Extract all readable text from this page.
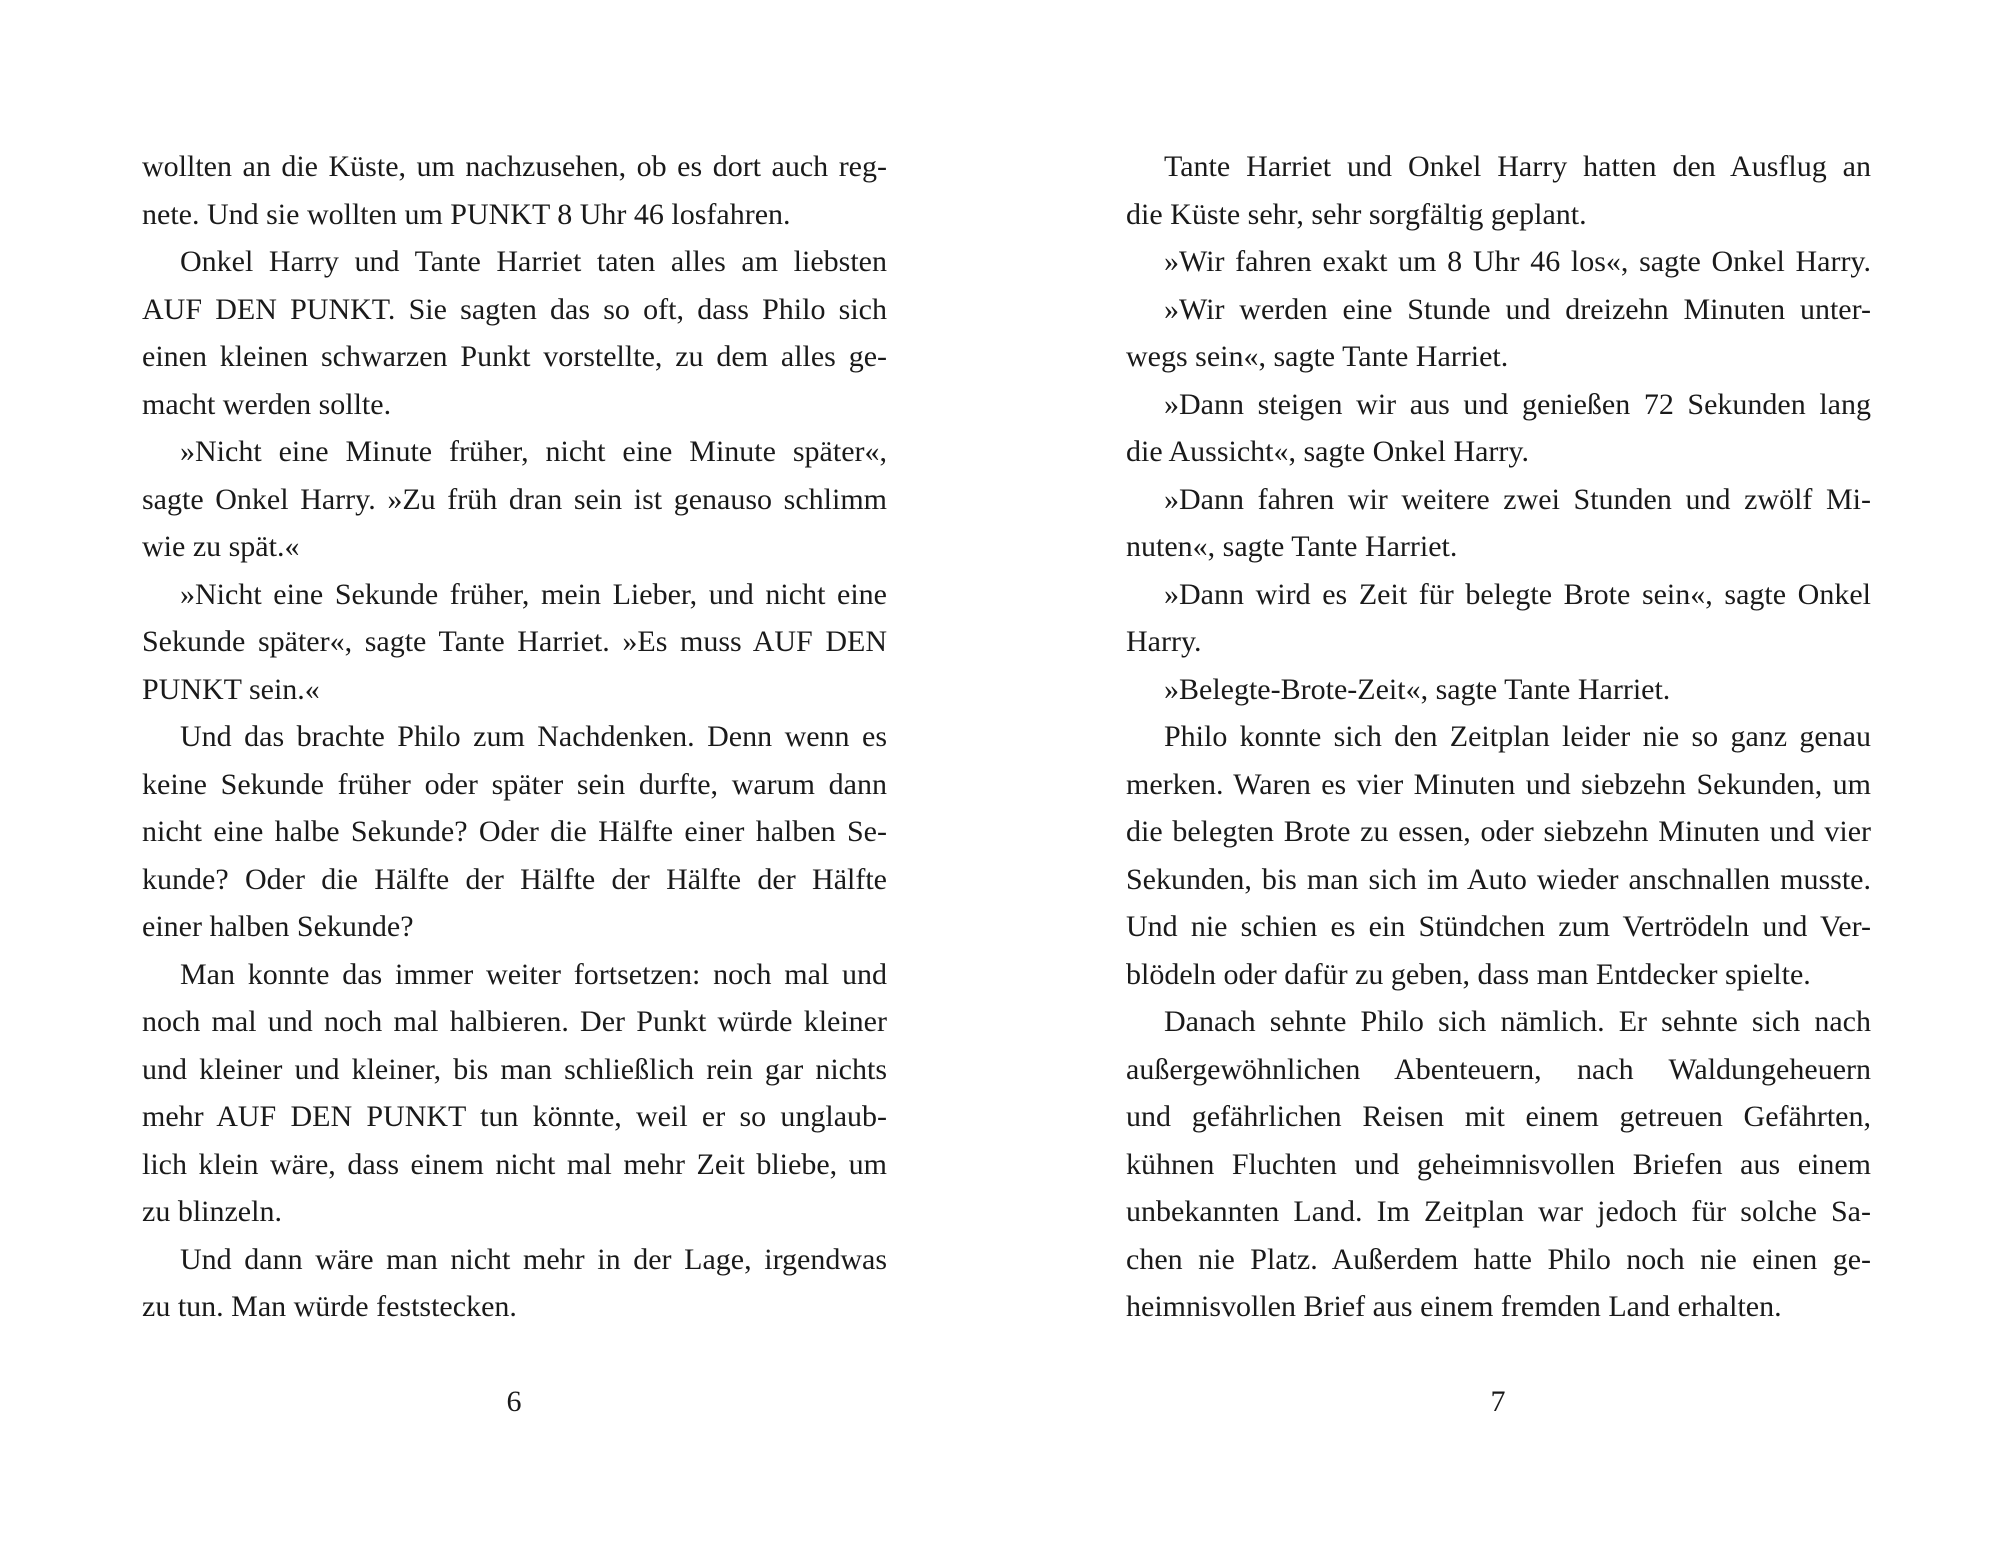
wollten an die Küste, um nachzusehen, ob es dort auch reg-
nete. Und sie wollten um PUNKT 8 Uhr 46 losfahren.
Onkel Harry und Tante Harriet taten alles am liebsten
AUF DEN PUNKT. Sie sagten das so oft, dass Philo sich
einen kleinen schwarzen Punkt vorstellte, zu dem alles ge-
macht werden sollte.
»Nicht eine Minute früher, nicht eine Minute später«,
sagte Onkel Harry. »Zu früh dran sein ist genauso schlimm
wie zu spät.«
»Nicht eine Sekunde früher, mein Lieber, und nicht eine
Sekunde später«, sagte Tante Harriet. »Es muss AUF DEN
PUNKT sein.«
Und das brachte Philo zum Nachdenken. Denn wenn es
keine Sekunde früher oder später sein durfte, warum dann
nicht eine halbe Sekunde? Oder die Hälfte einer halben Se-
kunde? Oder die Hälfte der Hälfte der Hälfte der Hälfte
einer halben Sekunde?
Man konnte das immer weiter fortsetzen: noch mal und
noch mal und noch mal halbieren. Der Punkt würde kleiner
und kleiner und kleiner, bis man schließlich rein gar nichts
mehr AUF DEN PUNKT tun könnte, weil er so unglaub-
lich klein wäre, dass einem nicht mal mehr Zeit bliebe, um
zu blinzeln.
Und dann wäre man nicht mehr in der Lage, irgendwas
zu tun. Man würde feststecken.
Tante Harriet und Onkel Harry hatten den Ausflug an
die Küste sehr, sehr sorgfältig geplant.
»Wir fahren exakt um 8 Uhr 46 los«, sagte Onkel Harry.
»Wir werden eine Stunde und dreizehn Minuten unter-
wegs sein«, sagte Tante Harriet.
»Dann steigen wir aus und genießen 72 Sekunden lang
die Aussicht«, sagte Onkel Harry.
»Dann fahren wir weitere zwei Stunden und zwölf Mi-
nuten«, sagte Tante Harriet.
»Dann wird es Zeit für belegte Brote sein«, sagte Onkel
Harry.
»Belegte-Brote-Zeit«, sagte Tante Harriet.
Philo konnte sich den Zeitplan leider nie so ganz genau
merken. Waren es vier Minuten und siebzehn Sekunden, um
die belegten Brote zu essen, oder siebzehn Minuten und vier
Sekunden, bis man sich im Auto wieder anschnallen musste.
Und nie schien es ein Stündchen zum Vertrödeln und Ver-
blödeln oder dafür zu geben, dass man Entdecker spielte.
Danach sehnte Philo sich nämlich. Er sehnte sich nach
außergewöhnlichen Abenteuern, nach Waldungeheuern
und gefährlichen Reisen mit einem getreuen Gefährten,
kühnen Fluchten und geheimnisvollen Briefen aus einem
unbekannten Land. Im Zeitplan war jedoch für solche Sa-
chen nie Platz. Außerdem hatte Philo noch nie einen ge-
heimnisvollen Brief aus einem fremden Land erhalten.
6	7
